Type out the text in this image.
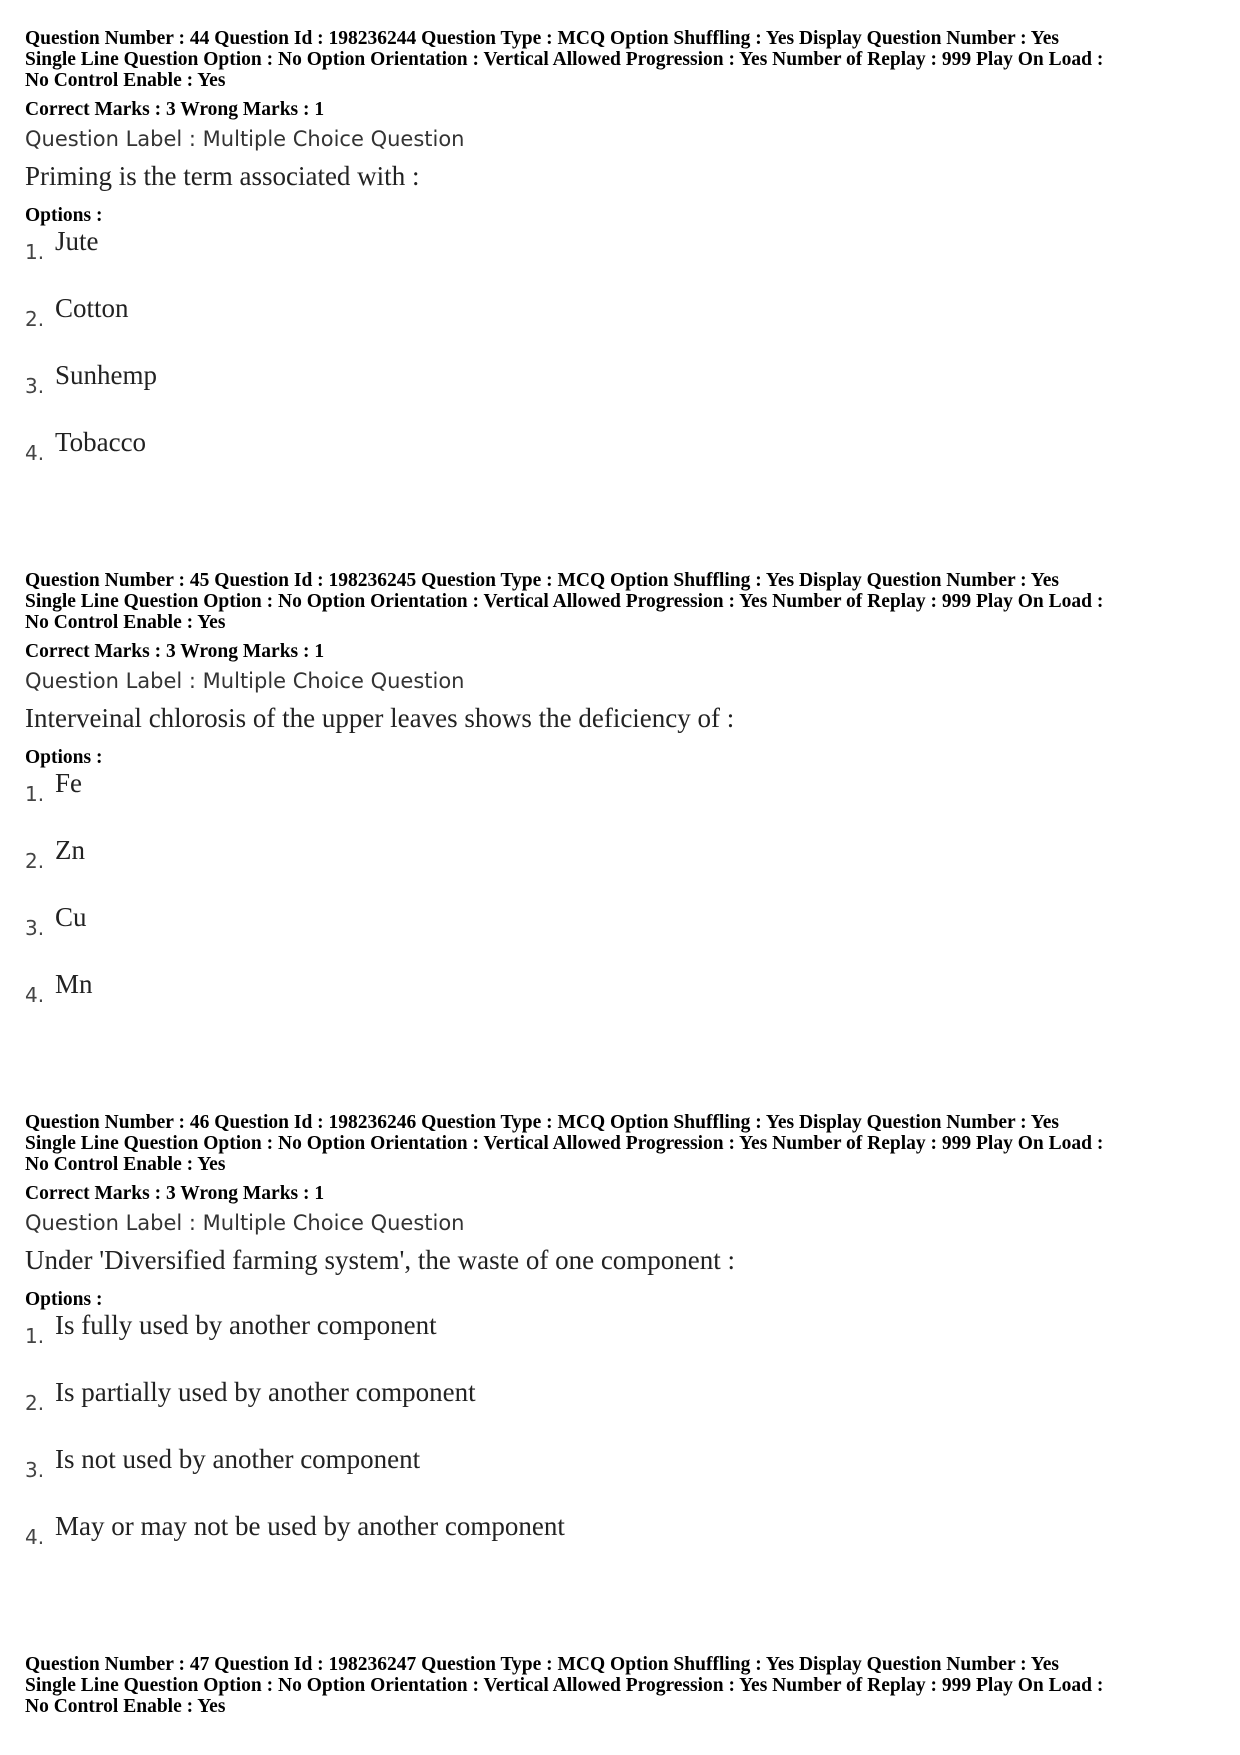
Question Number : 44 Question Id : 198236244 Question Type : MCQ Option Shuffling : Yes Display Question Number : Yes
Single Line Question Option : No Option Orientation : Vertical Allowed Progression : Yes Number of Replay : 999 Play On Load :
No Control Enable : Yes
Correct Marks : 3 Wrong Marks : 1
Question Label : Multiple Choice Question
Priming is the term associated with :
Options :
1. Jute
2. Cotton
3. Sunhemp
4. Tobacco
Question Number : 45 Question Id : 198236245 Question Type : MCQ Option Shuffling : Yes Display Question Number : Yes
Single Line Question Option : No Option Orientation : Vertical Allowed Progression : Yes Number of Replay : 999 Play On Load :
No Control Enable : Yes
Correct Marks : 3 Wrong Marks : 1
Question Label : Multiple Choice Question
Interveinal chlorosis of the upper leaves shows the deficiency of :
Options :
1. Fe
2. Zn
3. Cu
4. Mn
Question Number : 46 Question Id : 198236246 Question Type : MCQ Option Shuffling : Yes Display Question Number : Yes
Single Line Question Option : No Option Orientation : Vertical Allowed Progression : Yes Number of Replay : 999 Play On Load :
No Control Enable : Yes
Correct Marks : 3 Wrong Marks : 1
Question Label : Multiple Choice Question
Under 'Diversified farming system', the waste of one component :
Options :
1. Is fully used by another component
2. Is partially used by another component
3. Is not used by another component
4. May or may not be used by another component
Question Number : 47 Question Id : 198236247 Question Type : MCQ Option Shuffling : Yes Display Question Number : Yes
Single Line Question Option : No Option Orientation : Vertical Allowed Progression : Yes Number of Replay : 999 Play On Load :
No Control Enable : Yes
